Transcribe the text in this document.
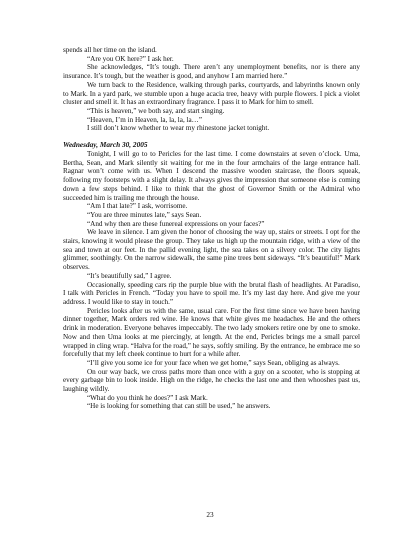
spends all her time on the island.

“Are you OK here?” I ask her.

She acknowledges, “It’s tough. There aren’t any unemployment benefits, nor is there any insurance. It’s tough, but the weather is good, and anyhow I am married here.”

We turn back to the Residence, walking through parks, courtyards, and labyrinths known only to Mark. In a yard park, we stumble upon a huge acacia tree, heavy with purple flowers. I pick a violet cluster and smell it. It has an extraordinary fragrance. I pass it to Mark for him to smell.

“This is heaven,” we both say, and start singing.

“Heaven, I’m in Heaven, la, la, la, la…”

I still don’t know whether to wear my rhinestone jacket tonight.

Wednesday, March 30, 2005

Tonight, I will go to to Pericles for the last time. I come downstairs at seven o’clock. Uma, Bertha, Sean, and Mark silently sit waiting for me in the four armchairs of the large entrance hall. Ragnar won’t come with us. When I descend the massive wooden staircase, the floors squeak, following my footsteps with a slight delay. It always gives the impression that someone else is coming down a few steps behind. I like to think that the ghost of Governor Smith or the Admiral who succeeded him is trailing me through the house.

“Am I that late?” I ask, worrisome.

“You are three minutes late,” says Sean.

“And why then are these funereal expressions on your faces?”

We leave in silence. I am given the honor of choosing the way up, stairs or streets. I opt for the stairs, knowing it would please the group. They take us high up the mountain ridge, with a view of the sea and town at our feet. In the pallid evening light, the sea takes on a silvery color. The city lights glimmer, soothingly. On the narrow sidewalk, the same pine trees bent sideways. “It’s beautiful!” Mark observes.

“It’s beautifully sad,” I agree.

Occasionally, speeding cars rip the purple blue with the brutal flash of headlights. At Paradiso, I talk with Pericles in French. “Today you have to spoil me. It’s my last day here. And give me your address. I would like to stay in touch.”

Pericles looks after us with the same, usual care. For the first time since we have been having dinner together, Mark orders red wine. He knows that white gives me headaches. He and the others drink in moderation. Everyone behaves impeccably. The two lady smokers retire one by one to smoke. Now and then Uma looks at me piercingly, at length. At the end, Pericles brings me a small parcel wrapped in cling wrap. “Halva for the road,” he says, softly smiling. By the entrance, he embrace me so forcefully that my left cheek continue to hurt for a while after.

“I’ll give you some ice for your face when we get home,” says Sean, obliging as always.

On our way back, we cross paths more than once with a guy on a scooter, who is stopping at every garbage bin to look inside. High on the ridge, he checks the last one and then whooshes past us, laughing wildly.

“What do you think he does?” I ask Mark.

“He is looking for something that can still be used,” he answers.

23
